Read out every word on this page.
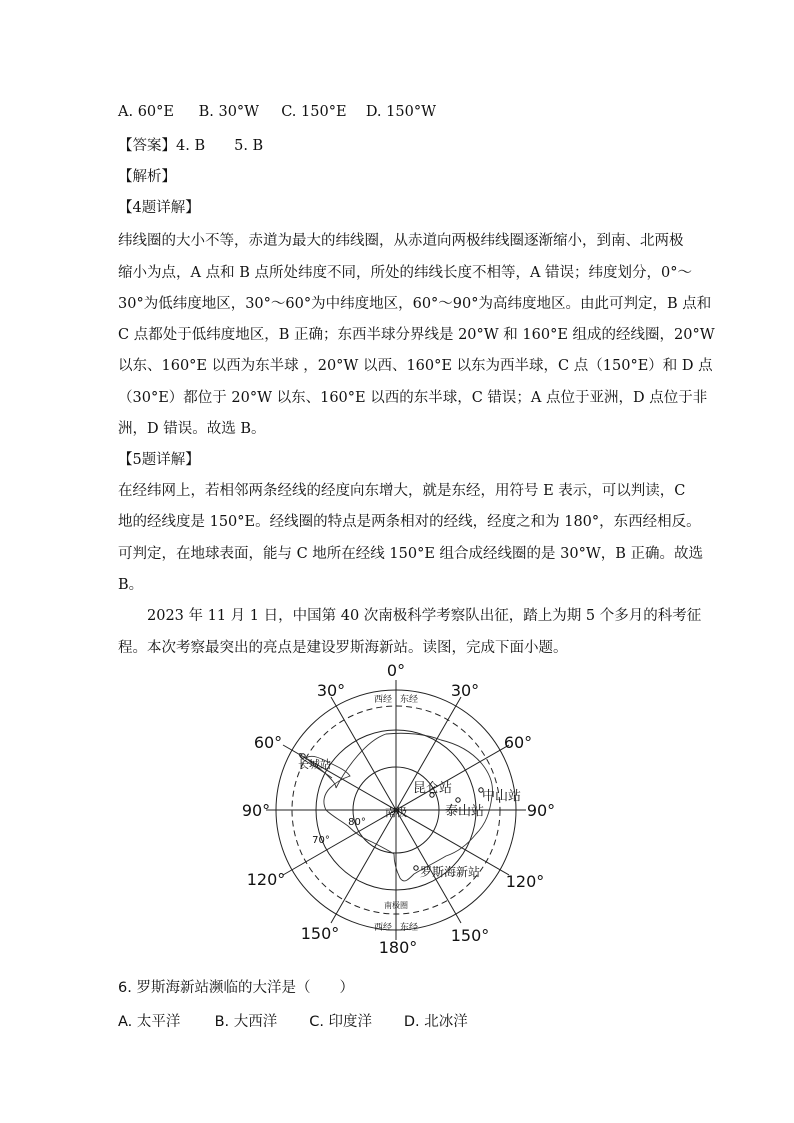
A. 60°E B. 30°W C. 150°E D. 150°W
【答案】4. B　　5. B
【解析】
【4题详解】
纬线圈的大小不等，赤道为最大的纬线圈，从赤道向两极纬线圈逐渐缩小，到南、北两极
缩小为点，A 点和 B 点所处纬度不同，所处的纬线长度不相等，A 错误；纬度划分，0°～
30°为低纬度地区，30°～60°为中纬度地区，60°～90°为高纬度地区。由此可判定，B 点和
C 点都处于低纬度地区，B 正确；东西半球分界线是 20°W 和 160°E 组成的经线圈，20°W
以东、160°E 以西为东半球 ，20°W 以西、160°E 以东为西半球，C 点（150°E）和 D 点
（30°E）都位于 20°W 以东、160°E 以西的东半球，C 错误；A 点位于亚洲，D 点位于非
洲，D 错误。故选 B。
【5题详解】
在经纬网上，若相邻两条经线的经度向东增大，就是东经，用符号 E 表示，可以判读，C
地的经线度是 150°E。经线圈的特点是两条相对的经线，经度之和为 180°，东西经相反。
可判定，在地球表面，能与 C 地所在经线 150°E 组合成经线圈的是 30°W，B 正确。故选
B。
2023 年 11 月 1 日，中国第 40 次南极科学考察队出征，踏上为期 5 个多月的科考征
程。本次考察最突出的亮点是建设罗斯海新站。读图，完成下面小题。
0°
30°	30°
60°	60°
90°	90°
120°	120°
150°	150°
180°
西经 东经
西经 东经
南极圈
80°
70°
南极
长城站
昆仑站
中山站
泰山站
罗斯海新站
6. 罗斯海新站濒临的大洋是（　　）
A. 太平洋 B. 大西洋 C. 印度洋 D. 北冰洋
